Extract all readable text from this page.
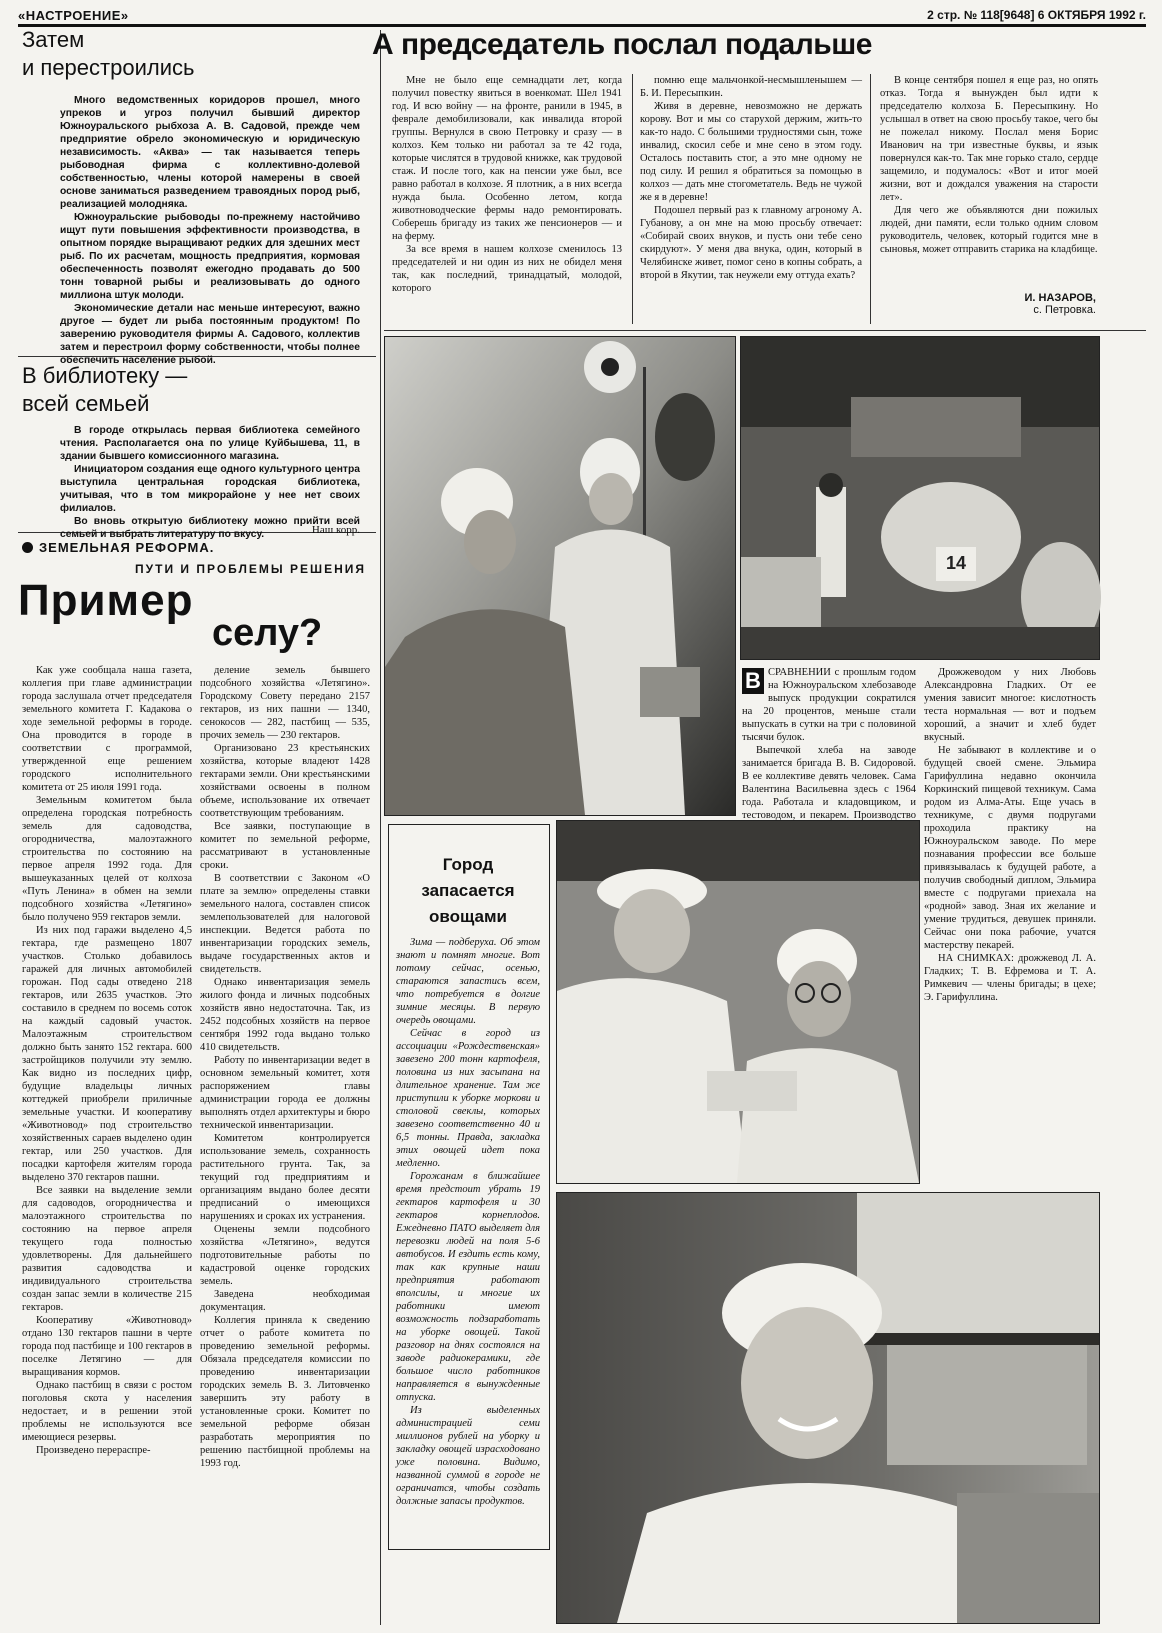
«НАСТРОЕНИЕ»	2 стр. № 118[9648] 6 ОКТЯБРЯ 1992 г.
Затем
и перестроились

Много ведомственных коридоров прошел, много упреков и угроз получил бывший директор Южноуральского рыбхоза А. В. Садовой, прежде чем предприятие обрело экономическую и юридическую независимость. «Аква» — так называется теперь рыбоводная фирма с коллективно-долевой собственностью, члены которой намерены в своей основе заниматься разведением травоядных пород рыб, реализацией молодняка.

Южноуральские рыбоводы по-прежнему настойчиво ищут пути повышения эффективности производства, в опытном порядке выращивают редких для здешних мест рыб. По их расчетам, мощность предприятия, кормовая обеспеченность позволят ежегодно продавать до 500 тонн товарной рыбы и реализовывать до одного миллиона штук молоди.

Экономические детали нас меньше интересуют, важно другое — будет ли рыба постоянным продуктом! По заверению руководителя фирмы А. Садового, коллектив затем и перестроил форму собственности, чтобы полнее обеспечить население рыбой.

А председатель послал подальше

Мне не было еще семнадцати лет, когда получил повестку явиться в военкомат. Шел 1941 год. И всю войну — на фронте, ранили в 1945, в феврале демобилизовали, как инвалида второй группы. Вернулся в свою Петровку и сразу — в колхоз. Кем только ни работал за те 42 года, которые числятся в трудовой книжке, как трудовой стаж. И после того, как на пенсии уже был, все равно работал в колхозе. Я плотник, а в них всегда нужда была. Особенно летом, когда животноводческие фермы надо ремонтировать. Соберешь бригаду из таких же пенсионеров — и на ферму.

За все время в нашем колхозе сменилось 13 председателей и ни один из них не обидел меня так, как последний, тринадцатый, молодой, которого

помню еще мальчонкой-несмышленышем — Б. И. Пересыпкин.

Живя в деревне, невозможно не держать корову. Вот и мы со старухой держим, жить-то как-то надо. С большими трудностями сын, тоже инвалид, скосил себе и мне сено в этом году. Осталось поставить стог, а это мне одному не под силу. И решил я обратиться за помощью в колхоз — дать мне стогометатель. Ведь не чужой же я в деревне!

Подошел первый раз к главному агроному А. Губанову, а он мне на мою просьбу отвечает: «Собирай своих внуков, и пусть они тебе сено скирдуют». У меня два внука, один, который в Челябинске живет, помог сено в копны собрать, а второй в Якутии, так неужели ему оттуда ехать?

В конце сентября пошел я еще раз, но опять отказ. Тогда я вынужден был идти к председателю колхоза Б. Пересыпкину. Но услышал в ответ на свою просьбу такое, чего бы не пожелал никому. Послал меня Борис Иванович на три известные буквы, и язык повернулся как-то. Так мне горько стало, сердце защемило, и подумалось: «Вот и итог моей жизни, вот и дождался уважения на старости лет».

Для чего же объявляются дни пожилых людей, дни памяти, если только одним словом руководитель, человек, который годится мне в сыновья, может отправить старика на кладбище.

И. НАЗАРОВ,
с. Петровка.
В библиотеку —
всей семьей

В городе открылась первая библиотека семейного чтения. Располагается она по улице Куйбышева, 11, в здании бывшего комиссионного магазина.

Инициатором создания еще одного культурного центра выступила центральная городская библиотека, учитывая, что в том микрорайоне у нее нет своих филиалов.

Во вновь открытую библиотеку можно прийти всей семьей и выбрать литературу по вкусу.	Наш корр.
ЗЕМЕЛЬНАЯ РЕФОРМА.
ПУТИ И ПРОБЛЕМЫ РЕШЕНИЯ
Пример
селу?

Как уже сообщала наша газета, коллегия при главе администрации города заслушала отчет председателя земельного комитета Г. Кадакова о ходе земельной реформы в городе. Она проводится в городе в соответствии с программой, утвержденной еще решением городского исполнительного комитета от 25 июля 1991 года.

Земельным комитетом была определена городская потребность земель для садоводства, огородничества, малоэтажного строительства по состоянию на первое апреля 1992 года. Для вышеуказанных целей от колхоза «Путь Ленина» в обмен на земли подсобного хозяйства «Летягино» было получено 959 гектаров земли.

Из них под гаражи выделено 4,5 гектара, где размещено 1807 участков. Столько добавилось гаражей для личных автомобилей горожан. Под сады отведено 218 гектаров, или 2635 участков. Это составило в среднем по восемь соток на каждый садовый участок. Малоэтажным строительством должно быть занято 152 гектара. 600 застройщиков получили эту землю. Как видно из последних цифр, будущие владельцы личных коттеджей приобрели приличные земельные участки. И кооперативу «Животновод» под строительство хозяйственных сараев выделено один гектар, или 250 участков. Для посадки картофеля жителям города выделено 370 гектаров пашни.

Все заявки на выделение земли для садоводов, огородничества и малоэтажного строительства по состоянию на первое апреля текущего года полностью удовлетворены. Для дальнейшего развития садоводства и индивидуального строительства создан запас земли в количестве 215 гектаров.

Кооперативу «Животновод» отдано 130 гектаров пашни в черте города под пастбище и 100 гектаров в поселке Летягино — для выращивания кормов.

Однако пастбищ в связи с ростом поголовья скота у населения недостает, и в решении этой проблемы не используются все имеющиеся резервы.

Произведено перераспре-

деление земель бывшего подсобного хозяйства «Летягино». Городскому Совету передано 2157 гектаров, из них пашни — 1340, сенокосов — 282, пастбищ — 535, прочих земель — 230 гектаров.

Организовано 23 крестьянских хозяйства, которые владеют 1428 гектарами земли. Они крестьянскими хозяйствами освоены в полном объеме, использование их отвечает соответствующим требованиям.

Все заявки, поступающие в комитет по земельной реформе, рассматривают в установленные сроки.

В соответствии с Законом «О плате за землю» определены ставки земельного налога, составлен список землепользователей для налоговой инспекции. Ведется работа по инвентаризации городских земель, выдаче государственных актов и свидетельств.

Однако инвентаризация земель жилого фонда и личных подсобных хозяйств явно недостаточна. Так, из 2452 подсобных хозяйств на первое сентября 1992 года выдано только 410 свидетельств.

Работу по инвентаризации ведет в основном земельный комитет, хотя распоряжением главы администрации города ее должны выполнять отдел архитектуры и бюро технической инвентаризации.

Комитетом контролируется использование земель, сохранность растительного грунта. Так, за текущий год предприятиям и организациям выдано более десяти предписаний о имеющихся нарушениях и сроках их устранения.

Оценены земли подсобного хозяйства «Летягино», ведутся подготовительные работы по кадастровой оценке городских земель.

Заведена необходимая документация.

Коллегия приняла к сведению отчет о работе комитета по проведению земельной реформы. Обязала председателя комиссии по проведению инвентаризации городских земель В. З. Литовченко завершить эту работу в установленные сроки. Комитет по земельной реформе обязан разработать мероприятия по решению пастбищной проблемы на 1993 год.

14
В СРАВНЕНИИ с прошлым годом на Южноуральском хлебозаводе выпуск продукции сократился на 20 процентов, меньше стали выпускать в сутки на три с половиной тысячи булок.

Выпечкой хлеба на заводе занимается бригада В. В. Сидоровой. В ее коллективе девять человек. Сама Валентина Васильевна здесь с 1964 года. Работала и кладовщиком, и тестоводом, и пекарем. Производство

Дрожжеводом у них Любовь Александровна Гладких. От ее умения зависит многое: кислотность теста нормальная — вот и подъем хороший, а значит и хлеб будет вкусный.

Не забывают в коллективе и о будущей своей смене. Эльмира Гарифуллина недавно окончила Коркинский пищевой техникум. Сама родом из Алма-Аты. Еще учась в техникуме, с двумя подругами проходила практику на Южноуральском заводе. По мере познавания профессии все больше привязывалась к будущей работе, а получив свободный диплом, Эльмира вместе с подругами приехала на «родной» завод. Зная их желание и умение трудиться, девушек приняли. Сейчас они пока рабочие, учатся мастерству пекарей.

НА СНИМКАХ: дрожжевод Л. А. Гладких; Т. В. Ефремова и Т. А. Римкевич — члены бригады; в цехе; Э. Гарифуллина.

Город
запасается
овощами

Зима — подберуха. Об этом знают и помнят многие. Вот потому сейчас, осенью, стараются запастись всем, что потребуется в долгие зимние месяцы. В первую очередь овощами.

Сейчас в город из ассоциации «Рождественская» завезено 200 тонн картофеля, половина из них засыпана на длительное хранение. Там же приступили к уборке моркови и столовой свеклы, которых завезено соответственно 40 и 6,5 тонны. Правда, закладка этих овощей идет пока медленно.

Горожанам в ближайшее время предстоит убрать 19 гектаров картофеля и 30 гектаров корнеплодов. Ежедневно ПАТО выделяет для перевозки людей на поля 5-6 автобусов. И ездить есть кому, так как крупные наши предприятия работают вполсилы, и многие их работники имеют возможность подзаработать на уборке овощей. Такой разговор на днях состоялся на заводе радиокерамики, где большое число работников направляется в вынужденные отпуска.

Из выделенных администрацией семи миллионов рублей на уборку и закладку овощей израсходовано уже половина. Видимо, названной суммой в городе не ограничатся, чтобы создать должные запасы продуктов.
